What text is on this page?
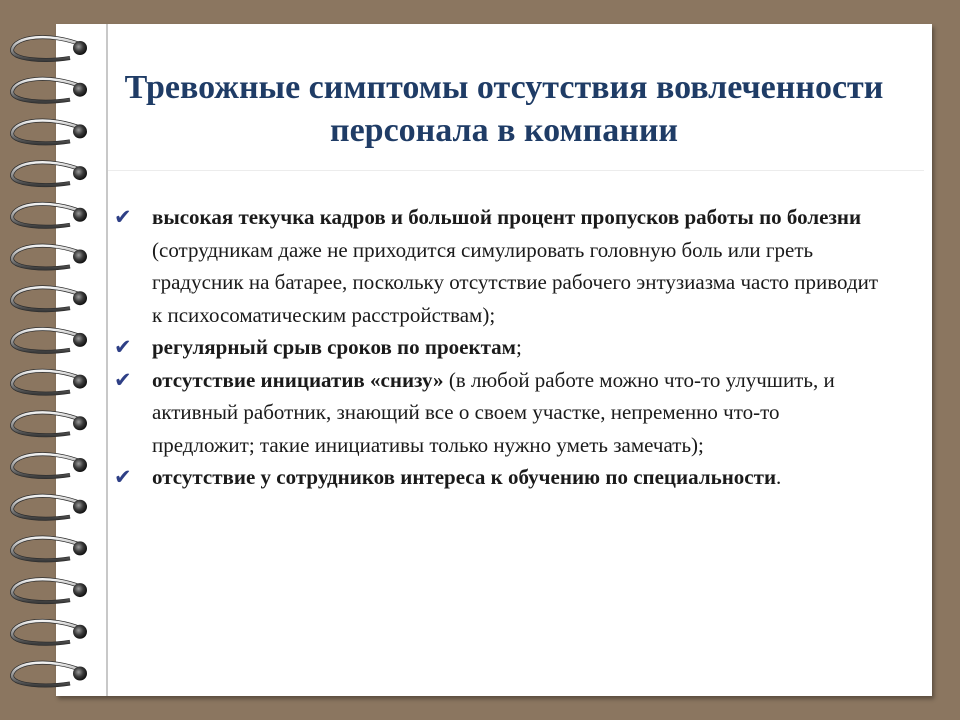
Тревожные симптомы отсутствия вовлеченности персонала в компании
✔ высокая текучка кадров и большой процент пропусков работы по болезни (сотрудникам даже не приходится симулировать головную боль или греть градусник на батарее, поскольку отсутствие рабочего энтузиазма часто приводит к психосоматическим расстройствам);
✔ регулярный срыв сроков по проектам;
✔ отсутствие инициатив «снизу» (в любой работе можно что-то улучшить, и активный работник, знающий все о своем участке, непременно что-то предложит; такие инициативы только нужно уметь замечать);
✔ отсутствие у сотрудников интереса к обучению по специальности.
